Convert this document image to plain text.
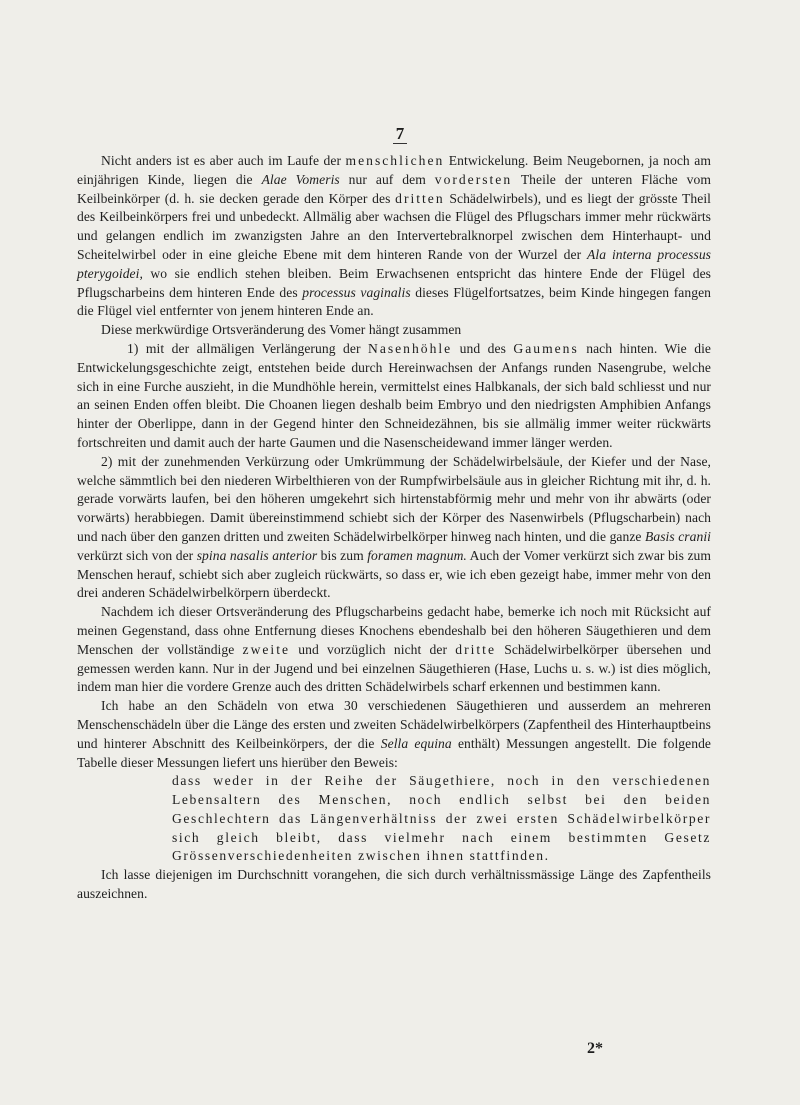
7

Nicht anders ist es aber auch im Laufe der menschlichen Entwickelung. Beim Neugebornen, ja noch am einjährigen Kinde, liegen die Alae Vomeris nur auf dem vordersten Theile der unteren Fläche vom Keilbeinkörper (d. h. sie decken gerade den Körper des dritten Schädelwirbels), und es liegt der grösste Theil des Keilbeinkörpers frei und unbedeckt. Allmälig aber wachsen die Flügel des Pflugschars immer mehr rückwärts und gelangen endlich im zwanzigsten Jahre an den Intervertebralknorpel zwischen dem Hinterhaupt- und Scheitelwirbel oder in eine gleiche Ebene mit dem hinteren Rande von der Wurzel der Ala interna processus pterygoidei, wo sie endlich stehen bleiben. Beim Erwachsenen entspricht das hintere Ende der Flügel des Pflugscharbeins dem hinteren Ende des processus vaginalis dieses Flügelfortsatzes, beim Kinde hingegen fangen die Flügel viel entfernter von jenem hinteren Ende an.

Diese merkwürdige Ortsveränderung des Vomer hängt zusammen

1) mit der allmäligen Verlängerung der Nasenhöhle und des Gaumens nach hinten. Wie die Entwickelungsgeschichte zeigt, entstehen beide durch Hereinwachsen der Anfangs runden Nasengrube, welche sich in eine Furche auszieht, in die Mundhöhle herein, vermittelst eines Halbkanals, der sich bald schliesst und nur an seinen Enden offen bleibt. Die Choanen liegen deshalb beim Embryo und den niedrigsten Amphibien Anfangs hinter der Oberlippe, dann in der Gegend hinter den Schneidezähnen, bis sie allmälig immer weiter rückwärts fortschreiten und damit auch der harte Gaumen und die Nasenscheidewand immer länger werden.

2) mit der zunehmenden Verkürzung oder Umkrümmung der Schädelwirbelsäule, der Kiefer und der Nase, welche sämmtlich bei den niederen Wirbelthieren von der Rumpfwirbelsäule aus in gleicher Richtung mit ihr, d. h. gerade vorwärts laufen, bei den höheren umgekehrt sich hirtenstabförmig mehr und mehr von ihr abwärts (oder vorwärts) herabbiegen. Damit übereinstimmend schiebt sich der Körper des Nasenwirbels (Pflugscharbein) nach und nach über den ganzen dritten und zweiten Schädelwirbelkörper hinweg nach hinten, und die ganze Basis cranii verkürzt sich von der spina nasalis anterior bis zum foramen magnum. Auch der Vomer verkürzt sich zwar bis zum Menschen herauf, schiebt sich aber zugleich rückwärts, so dass er, wie ich eben gezeigt habe, immer mehr von den drei anderen Schädelwirbelkörpern überdeckt.

Nachdem ich dieser Ortsveränderung des Pflugscharbeins gedacht habe, bemerke ich noch mit Rücksicht auf meinen Gegenstand, dass ohne Entfernung dieses Knochens ebendeshalb bei den höheren Säugethieren und dem Menschen der vollständige zweite und vorzüglich nicht der dritte Schädelwirbelkörper übersehen und gemessen werden kann. Nur in der Jugend und bei einzelnen Säugethieren (Hase, Luchs u. s. w.) ist dies möglich, indem man hier die vordere Grenze auch des dritten Schädelwirbels scharf erkennen und bestimmen kann.

Ich habe an den Schädeln von etwa 30 verschiedenen Säugethieren und ausserdem an mehreren Menschenschädeln über die Länge des ersten und zweiten Schädelwirbelkörpers (Zapfentheil des Hinterhauptbeins und hinterer Abschnitt des Keilbeinkörpers, der die Sella equina enthält) Messungen angestellt. Die folgende Tabelle dieser Messungen liefert uns hierüber den Beweis:

dass weder in der Reihe der Säugethiere, noch in den verschiedenen Lebensaltern des Menschen, noch endlich selbst bei den beiden Geschlechtern das Längenverhältniss der zwei ersten Schädelwirbelkörper sich gleich bleibt, dass vielmehr nach einem bestimmten Gesetz Grössenverschiedenheiten zwischen ihnen stattfinden.

Ich lasse diejenigen im Durchschnitt vorangehen, die sich durch verhältnissmässige Länge des Zapfentheils auszeichnen.

2*
